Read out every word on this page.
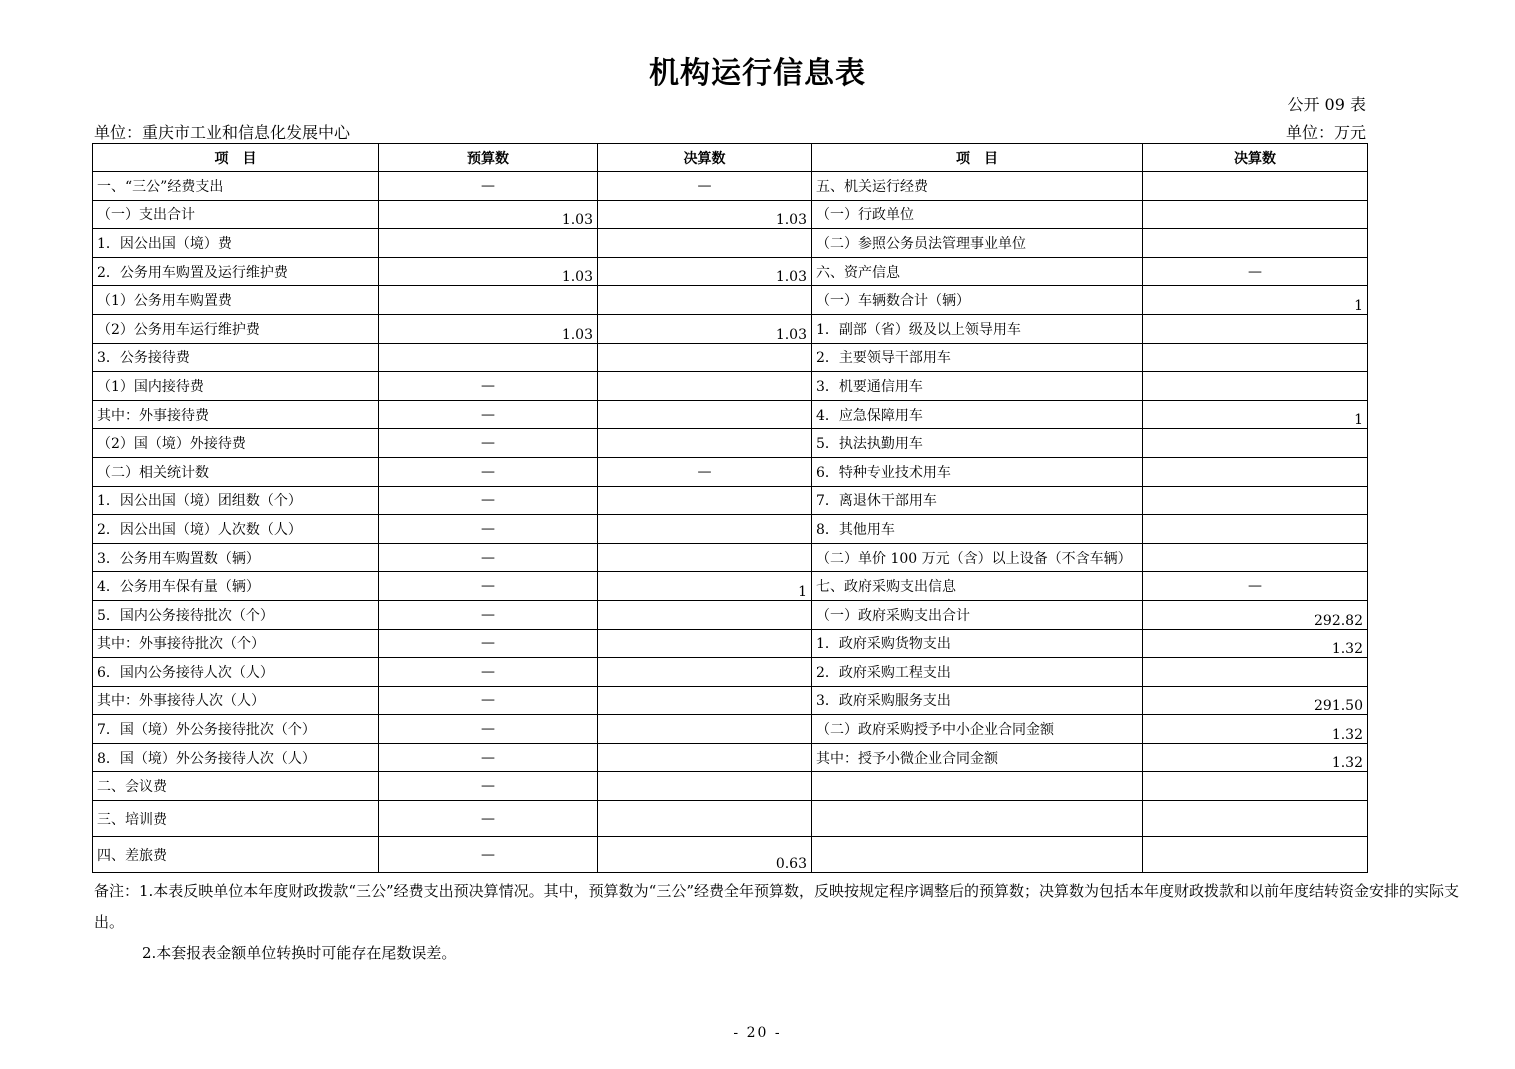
机构运行信息表
公开 09 表
单位：重庆市工业和信息化发展中心	单位：万元
项　目	预算数	决算数	项　目	决算数
一、“三公”经费支出	—	—	五、机关运行经费	
（一）支出合计	1.03	1.03	（一）行政单位	
1．因公出国（境）费			（二）参照公务员法管理事业单位	
2．公务用车购置及运行维护费	1.03	1.03	六、资产信息	—
（1）公务用车购置费			（一）车辆数合计（辆）	1
（2）公务用车运行维护费	1.03	1.03	1．副部（省）级及以上领导用车	
3．公务接待费			2．主要领导干部用车	
（1）国内接待费	—		3．机要通信用车	
其中：外事接待费	—		4．应急保障用车	1
（2）国（境）外接待费	—		5．执法执勤用车	
（二）相关统计数	—	—	6．特种专业技术用车	
1．因公出国（境）团组数（个）	—		7．离退休干部用车	
2．因公出国（境）人次数（人）	—		8．其他用车	
3．公务用车购置数（辆）	—		（二）单价 100 万元（含）以上设备（不含车辆）	
4．公务用车保有量（辆）	—	1	七、政府采购支出信息	—
5．国内公务接待批次（个）	—		（一）政府采购支出合计	292.82
其中：外事接待批次（个）	—		1．政府采购货物支出	1.32
6．国内公务接待人次（人）	—		2．政府采购工程支出	
其中：外事接待人次（人）	—		3．政府采购服务支出	291.50
7．国（境）外公务接待批次（个）	—		（二）政府采购授予中小企业合同金额	1.32
8．国（境）外公务接待人次（人）	—		其中：授予小微企业合同金额	1.32
二、会议费	—			
三、培训费	—			
四、差旅费	—	0.63		

备注：1.本表反映单位本年度财政拨款“三公”经费支出预决算情况。其中，预算数为“三公”经费全年预算数，反映按规定程序调整后的预算数；决算数为包括本年度财政拨款和以前年度结转资金安排的实际支出。

2.本套报表金额单位转换时可能存在尾数误差。

- 20 -
